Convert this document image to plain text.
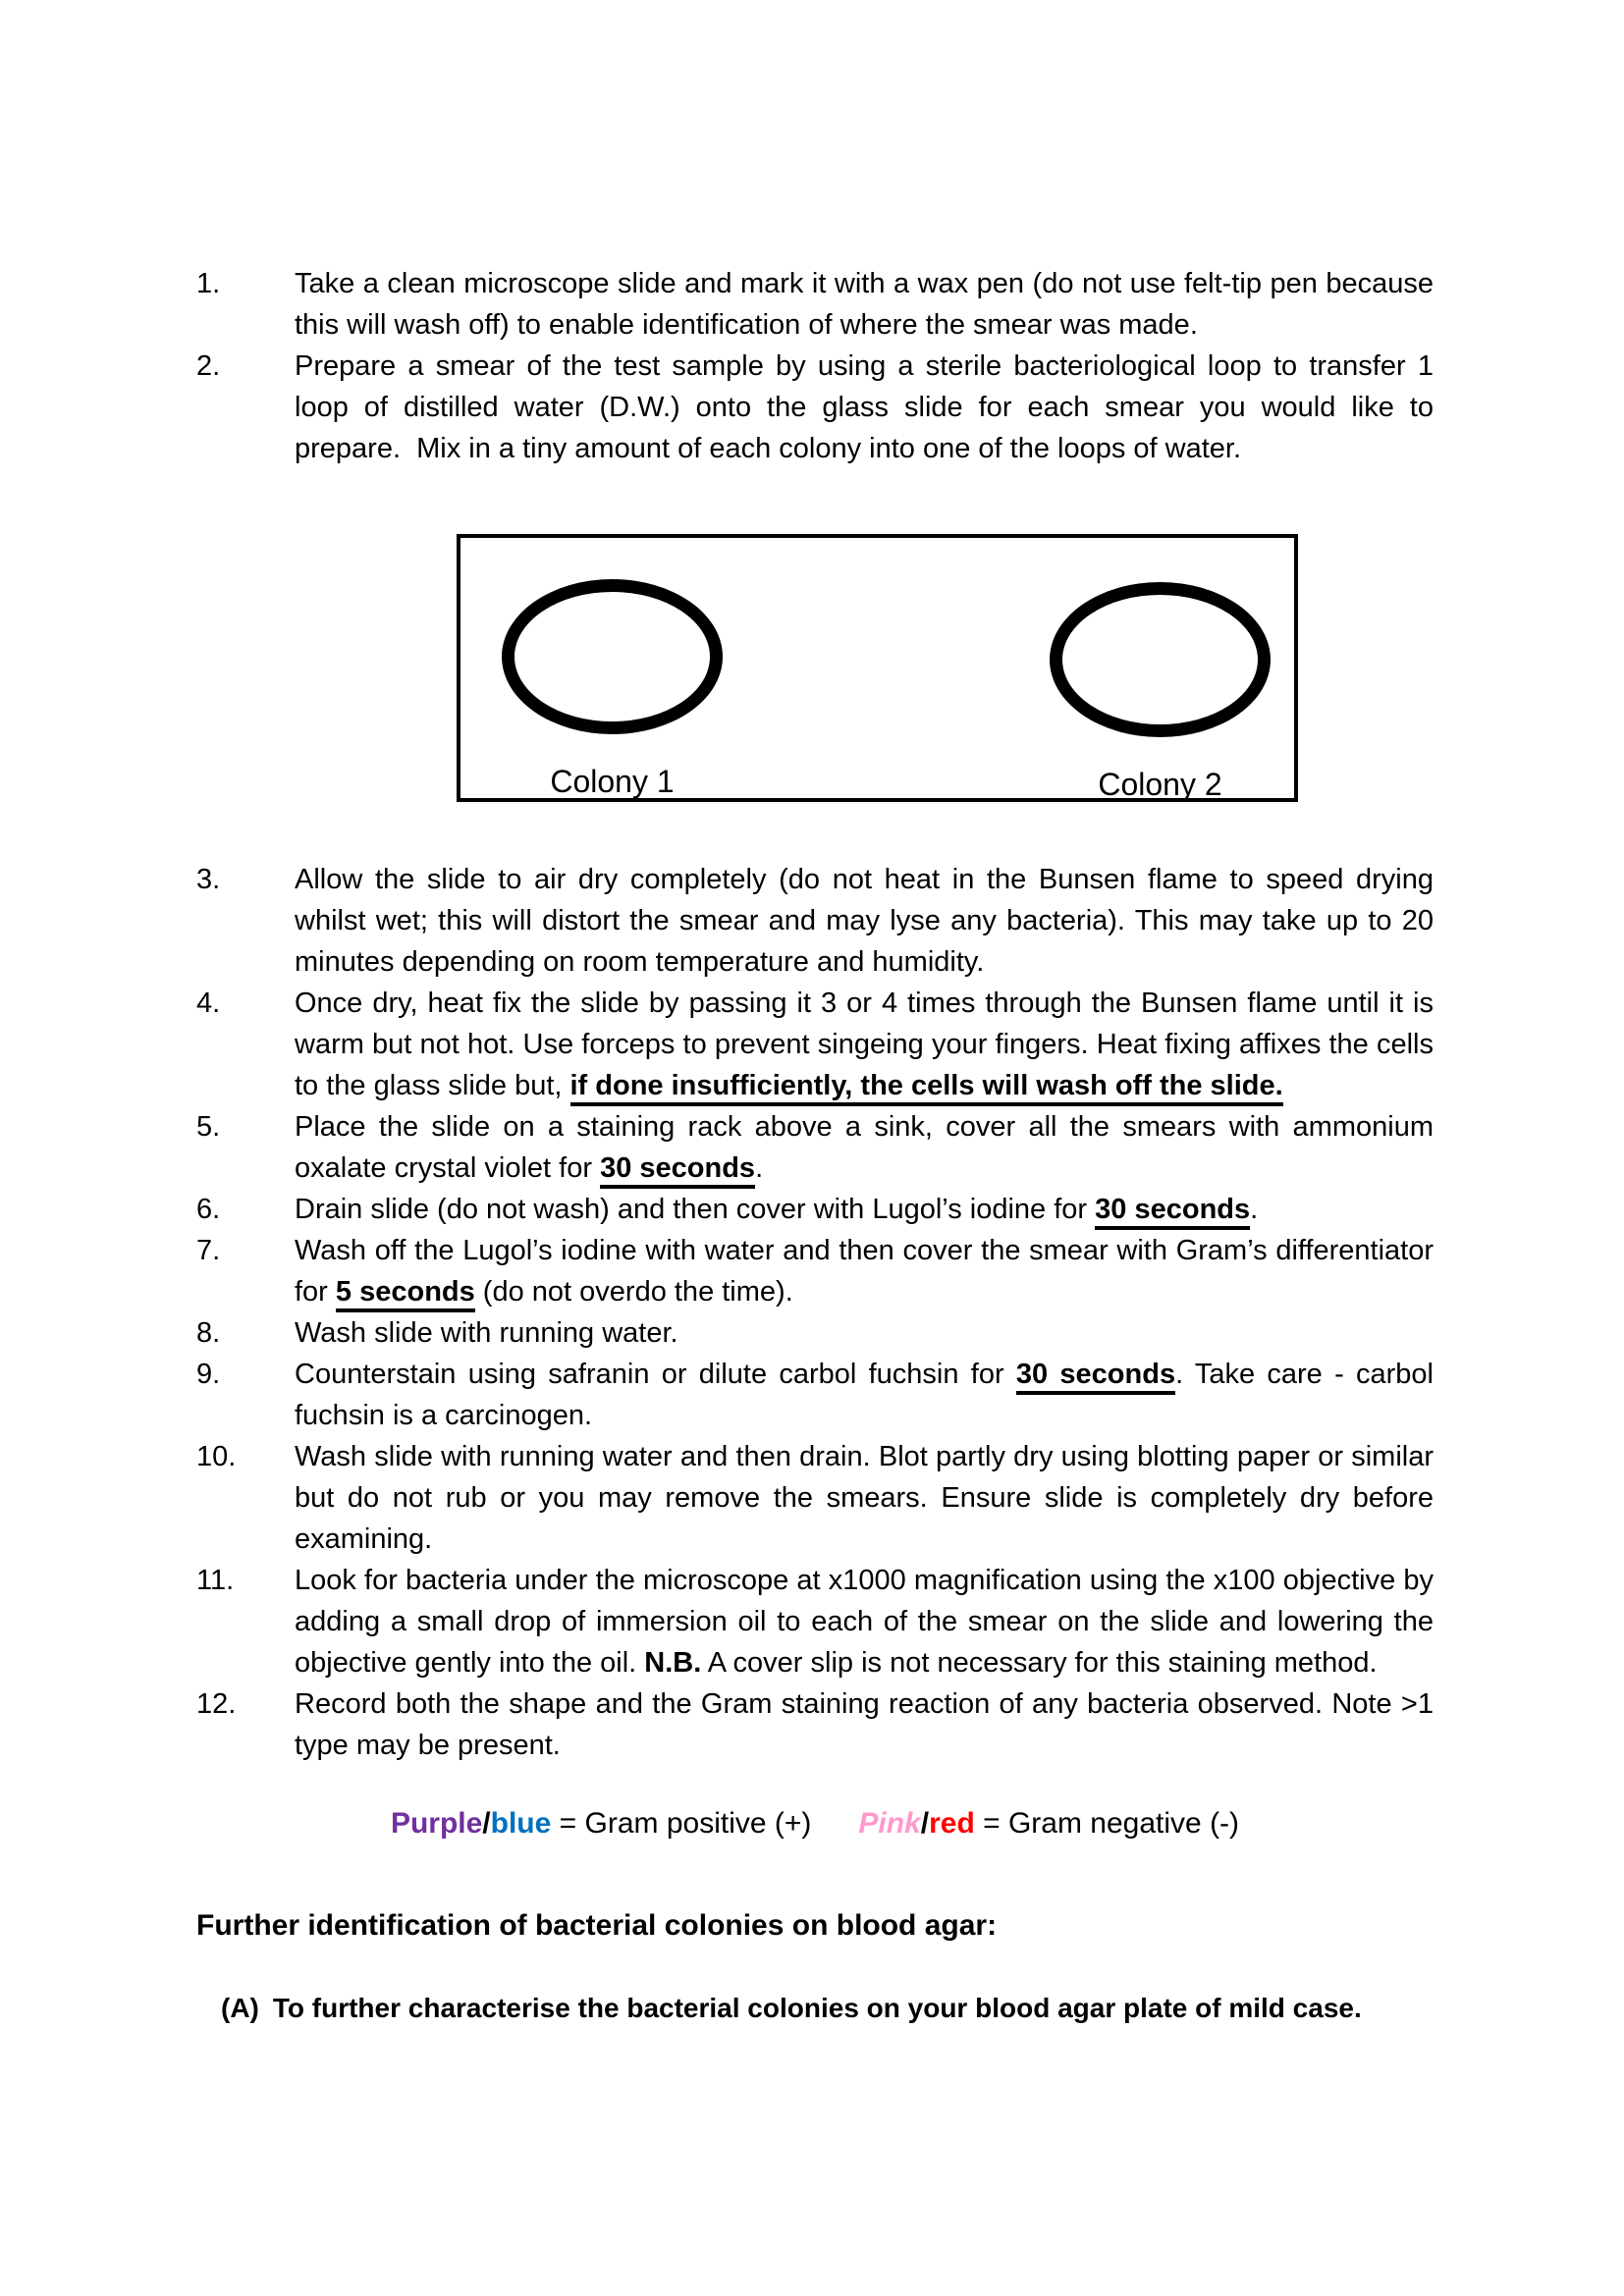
1.	Take a clean microscope slide and mark it with a wax pen (do not use felt-tip pen because this will wash off) to enable identification of where the smear was made.
2.	Prepare a smear of the test sample by using a sterile bacteriological loop to transfer 1 loop of distilled water (D.W.) onto the glass slide for each smear you would like to prepare.  Mix in a tiny amount of each colony into one of the loops of water.
Colony 1	Colony 2
3.	Allow the slide to air dry completely (do not heat in the Bunsen flame to speed drying whilst wet; this will distort the smear and may lyse any bacteria). This may take up to 20 minutes depending on room temperature and humidity.
4.	Once dry, heat fix the slide by passing it 3 or 4 times through the Bunsen flame until it is warm but not hot. Use forceps to prevent singeing your fingers. Heat fixing affixes the cells to the glass slide but, if done insufficiently, the cells will wash off the slide.
5.	Place the slide on a staining rack above a sink, cover all the smears with ammonium oxalate crystal violet for 30 seconds.
6.	Drain slide (do not wash) and then cover with Lugol’s iodine for 30 seconds.
7.	Wash off the Lugol’s iodine with water and then cover the smear with Gram’s differentiator for 5 seconds (do not overdo the time).
8.	Wash slide with running water.
9.	Counterstain using safranin or dilute carbol fuchsin for 30 seconds. Take care - carbol fuchsin is a carcinogen.
10.	Wash slide with running water and then drain. Blot partly dry using blotting paper or similar but do not rub or you may remove the smears. Ensure slide is completely dry before examining.
11.	Look for bacteria under the microscope at x1000 magnification using the x100 objective by adding a small drop of immersion oil to each of the smear on the slide and lowering the objective gently into the oil. N.B. A cover slip is not necessary for this staining method.
12.	Record both the shape and the Gram staining reaction of any bacteria observed. Note >1 type may be present.
Purple/blue = Gram positive (+) Pink/red = Gram negative (-)
Further identification of bacterial colonies on blood agar:
(A) To further characterise the bacterial colonies on your blood agar plate of mild case.
